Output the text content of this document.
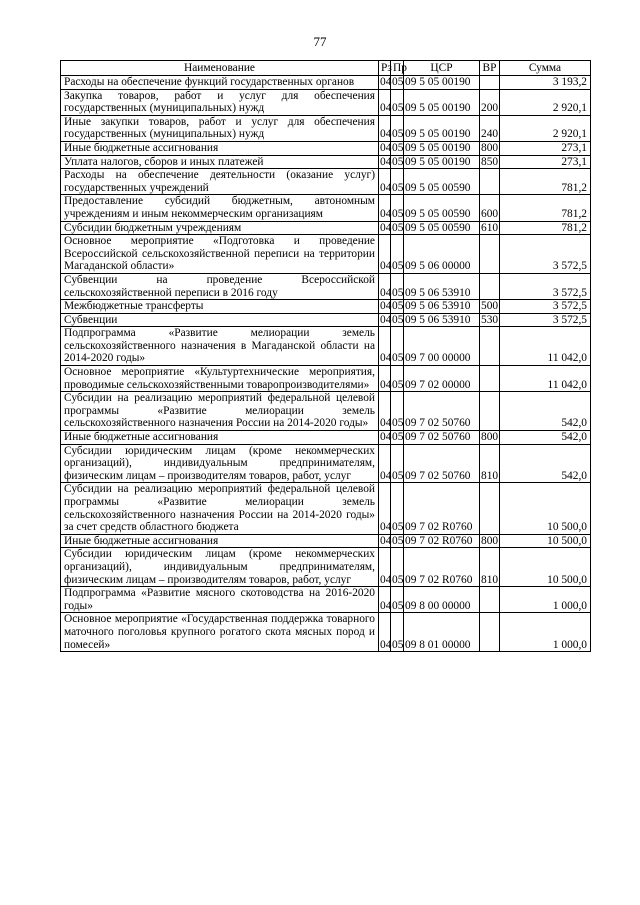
77
Наименование	Рз	Пр	ЦСР	ВР	Сумма
Расходы на обеспечение функций государственных органов	04	05	09 5 05 00190		3 193,2
Закупка товаров, работ и услуг для обеспечения государственных (муниципальных) нужд	04	05	09 5 05 00190	200	2 920,1
Иные закупки товаров, работ и услуг для обеспечения государственных (муниципальных) нужд	04	05	09 5 05 00190	240	2 920,1
Иные бюджетные ассигнования	04	05	09 5 05 00190	800	273,1
Уплата налогов, сборов и иных платежей	04	05	09 5 05 00190	850	273,1
Расходы на обеспечение деятельности (оказание услуг) государственных учреждений	04	05	09 5 05 00590		781,2
Предоставление субсидий бюджетным, автономным учреждениям и иным некоммерческим организациям	04	05	09 5 05 00590	600	781,2
Субсидии бюджетным учреждениям	04	05	09 5 05 00590	610	781,2
Основное мероприятие «Подготовка и проведение Всероссийской сельскохозяйственной переписи на территории Магаданской области»	04	05	09 5 06 00000		3 572,5
Субвенции на проведение Всероссийской сельскохозяйственной переписи в 2016 году	04	05	09 5 06 53910		3 572,5
Межбюджетные трансферты	04	05	09 5 06 53910	500	3 572,5
Субвенции	04	05	09 5 06 53910	530	3 572,5
Подпрограмма «Развитие мелиорации земель сельскохозяйственного назначения в Магаданской области на 2014-2020 годы»	04	05	09 7 00 00000		11 042,0
Основное мероприятие «Культуртехнические мероприятия, проводимые сельскохозяйственными товаропроизводителями»	04	05	09 7 02 00000		11 042,0
Субсидии на реализацию мероприятий федеральной целевой программы «Развитие мелиорации земель сельскохозяйственного назначения России на 2014-2020 годы»	04	05	09 7 02 50760		542,0
Иные бюджетные ассигнования	04	05	09 7 02 50760	800	542,0
Субсидии юридическим лицам (кроме некоммерческих организаций), индивидуальным предпринимателям, физическим лицам – производителям товаров, работ, услуг	04	05	09 7 02 50760	810	542,0
Субсидии на реализацию мероприятий федеральной целевой программы «Развитие мелиорации земель сельскохозяйственного назначения России на 2014-2020 годы» за счет средств областного бюджета	04	05	09 7 02 R0760		10 500,0
Иные бюджетные ассигнования	04	05	09 7 02 R0760	800	10 500,0
Субсидии юридическим лицам (кроме некоммерческих организаций), индивидуальным предпринимателям, физическим лицам – производителям товаров, работ, услуг	04	05	09 7 02 R0760	810	10 500,0
Подпрограмма «Развитие мясного скотоводства на 2016-2020 годы»	04	05	09 8 00 00000		1 000,0
Основное мероприятие «Государственная поддержка товарного маточного поголовья крупного рогатого скота мясных пород и помесей»	04	05	09 8 01 00000		1 000,0
